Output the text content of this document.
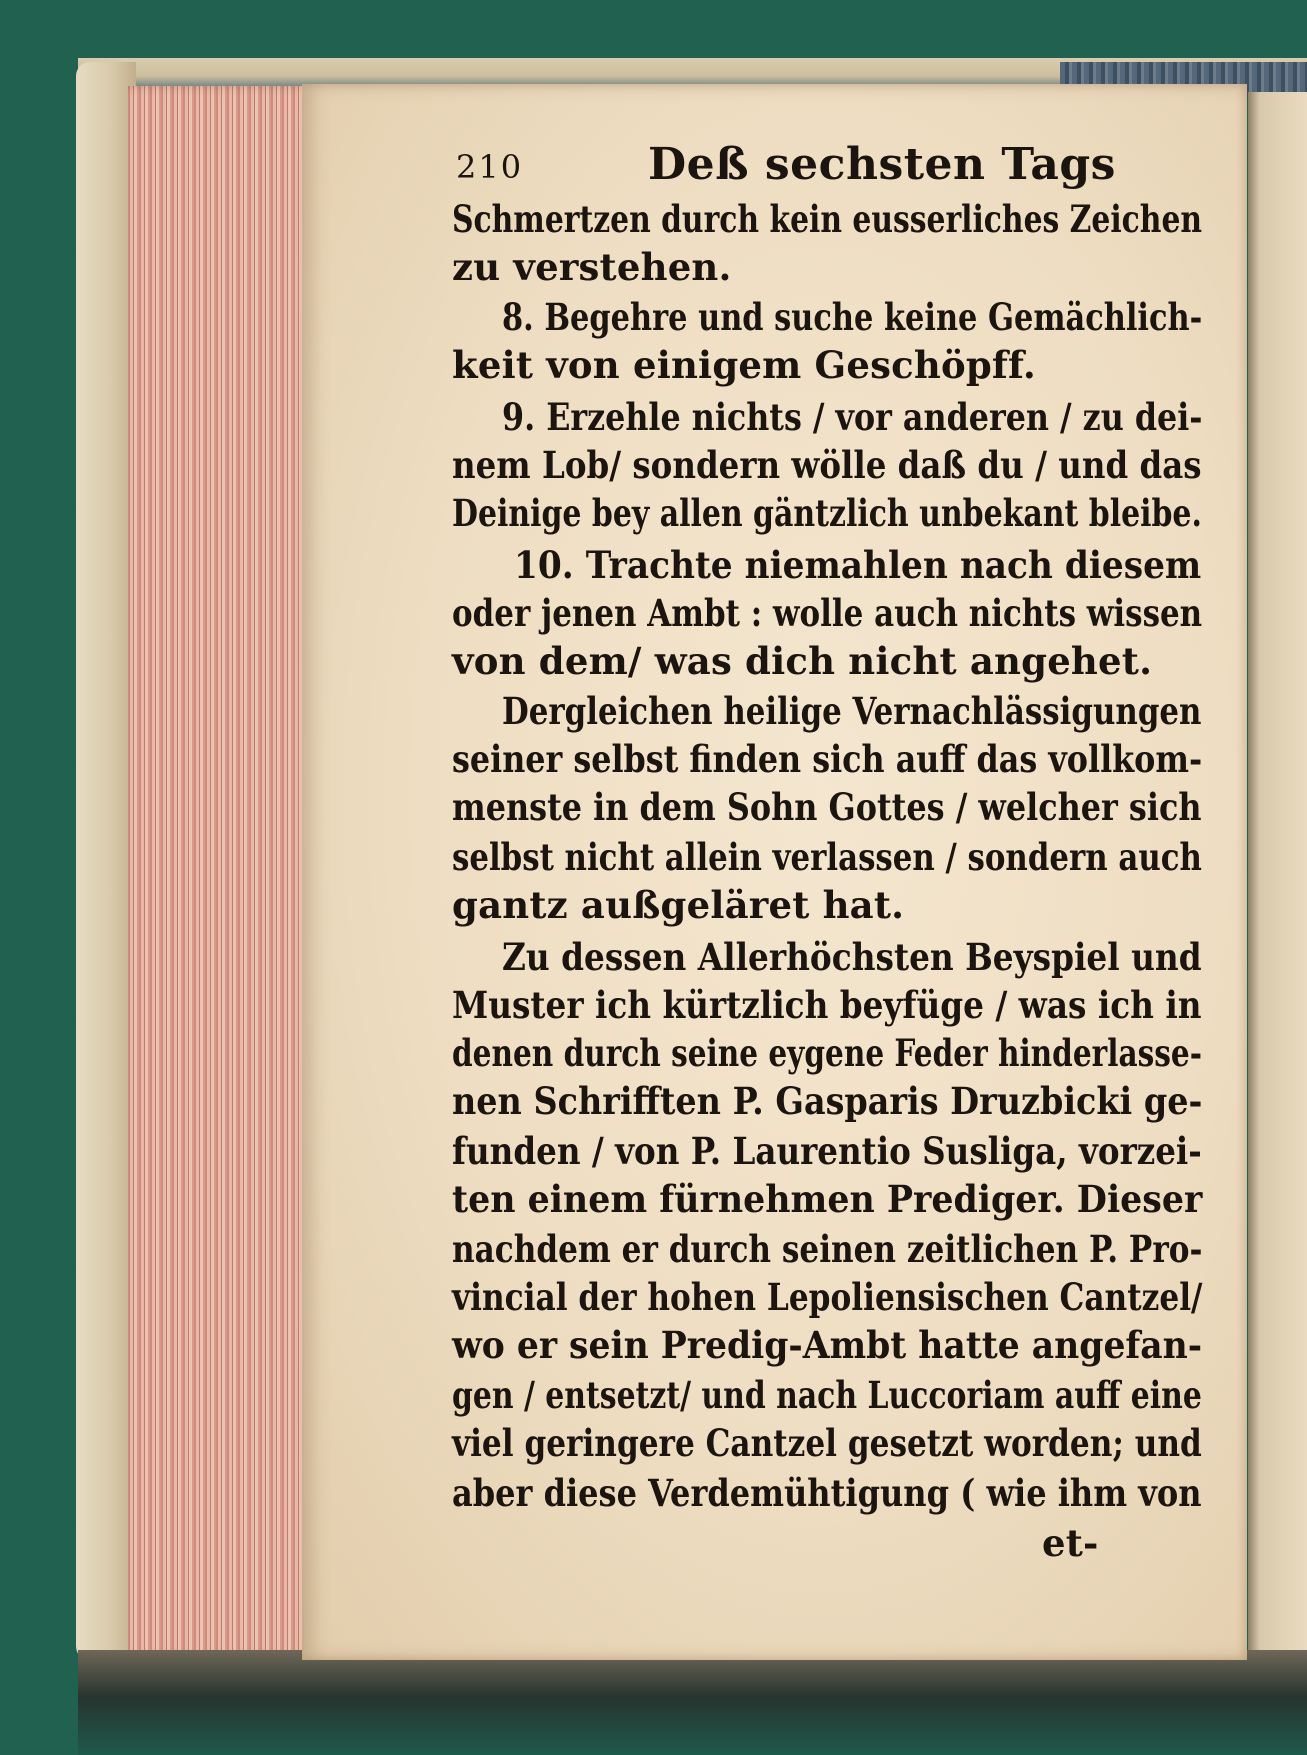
210	Deß sechsten Tags
Schmertzen durch kein eusserliches Zeichen
zu verstehen.
8. Begehre und suche keine Gemächlich-
keit von einigem Geschöpff.
9. Erzehle nichts / vor anderen / zu dei-
nem Lob/ sondern wölle daß du / und das
Deinige bey allen gäntzlich unbekant bleibe.
10. Trachte niemahlen nach diesem
oder jenen Ambt : wolle auch nichts wissen
von dem/ was dich nicht angehet.
Dergleichen heilige Vernachlässigungen
seiner selbst finden sich auff das vollkom-
menste in dem Sohn Gottes / welcher sich
selbst nicht allein verlassen / sondern auch
gantz außgeläret hat.
Zu dessen Allerhöchsten Beyspiel und
Muster ich kürtzlich beyfüge / was ich in
denen durch seine eygene Feder hinderlasse-
nen Schrifften P. Gasparis Druzbicki ge-
funden / von P. Laurentio Susliga, vorzei-
ten einem fürnehmen Prediger. Dieser
nachdem er durch seinen zeitlichen P. Pro-
vincial der hohen Lepoliensischen Cantzel/
wo er sein Predig-Ambt hatte angefan-
gen / entsetzt/ und nach Luccoriam auff eine
viel geringere Cantzel gesetzt worden; und
aber diese Verdemühtigung ( wie ihm von
et-
